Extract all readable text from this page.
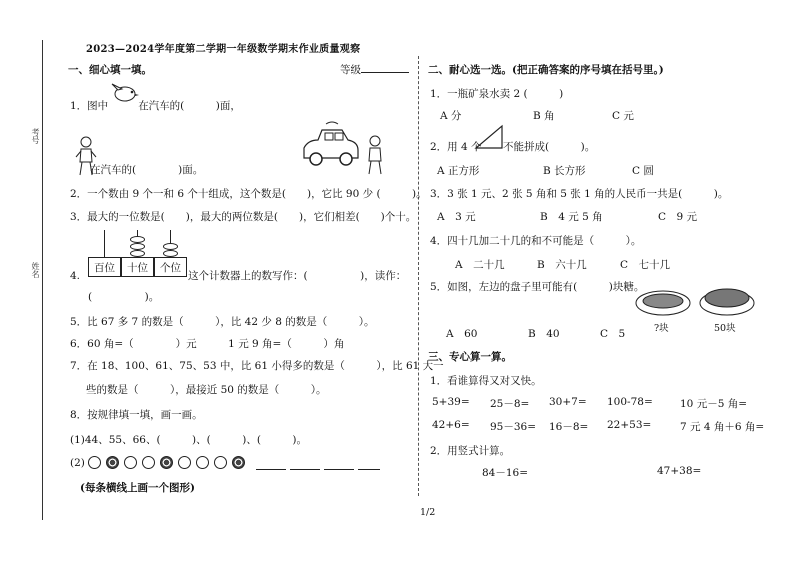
考号
姓名
2023—2024学年度第二学期一年级数学期末作业质量观察
一、细心填一填。	等级
1．图中	在汽车的(　　　)面，
在汽车的(　　　　)面。
2．一个数由 9 个一和 6 个十组成，这个数是(　　)，它比 90 少 (　　　)。
3．最大的一位数是(　　)，最大的两位数是(　　)，它们相差(　　)个十。
4.
百位	十位	个位
这个计数器上的数写作：(　　　　　)，读作：
(　　　　　)。
5．比 67 多 7 的数是（　　　），比 42 少 8 的数是（　　　）。
6．60 角=（　　　　）元　　　1 元 9 角=（　　　）角
7．在 18、100、61、75、53 中，比 61 小得多的数是（　　　），比 61 大一
些的数是（　　　），最接近 50 的数是（　　　）。
8．按规律填一填，画一画。
(1)44、55、66、(　　　)、(　　　)、(　　　)。
(2)
(每条横线上画一个图形)
1/2
二、耐心选一选。(把正确答案的序号填在括号里。)
1．一瓶矿泉水卖 2 (　　　)
A 分	B 角	C 元
2．用 4 个 不能拼成(　　　)。
A 正方形	B 长方形	C 圆
3．3 张 1 元、2 张 5 角和 5 张 1 角的人民币一共是(　　　)。
A　3 元	B　4 元 5 角	C　9 元
4．四十几加二十几的和不可能是（　　　）。
A　二十几	B　六十几	C　七十几
5．如图，左边的盘子里可能有(　　　)块糖。
?块	50块
A　60	B　40	C　5
三、专心算一算。
1．看谁算得又对又快。
5+39= 25－8= 30+7= 100-78=	10 元－5 角=
42+6= 95－36= 16－8= 22+53=	7 元 4 角＋6 角=
2．用竖式计算。
84－16=	47+38=
